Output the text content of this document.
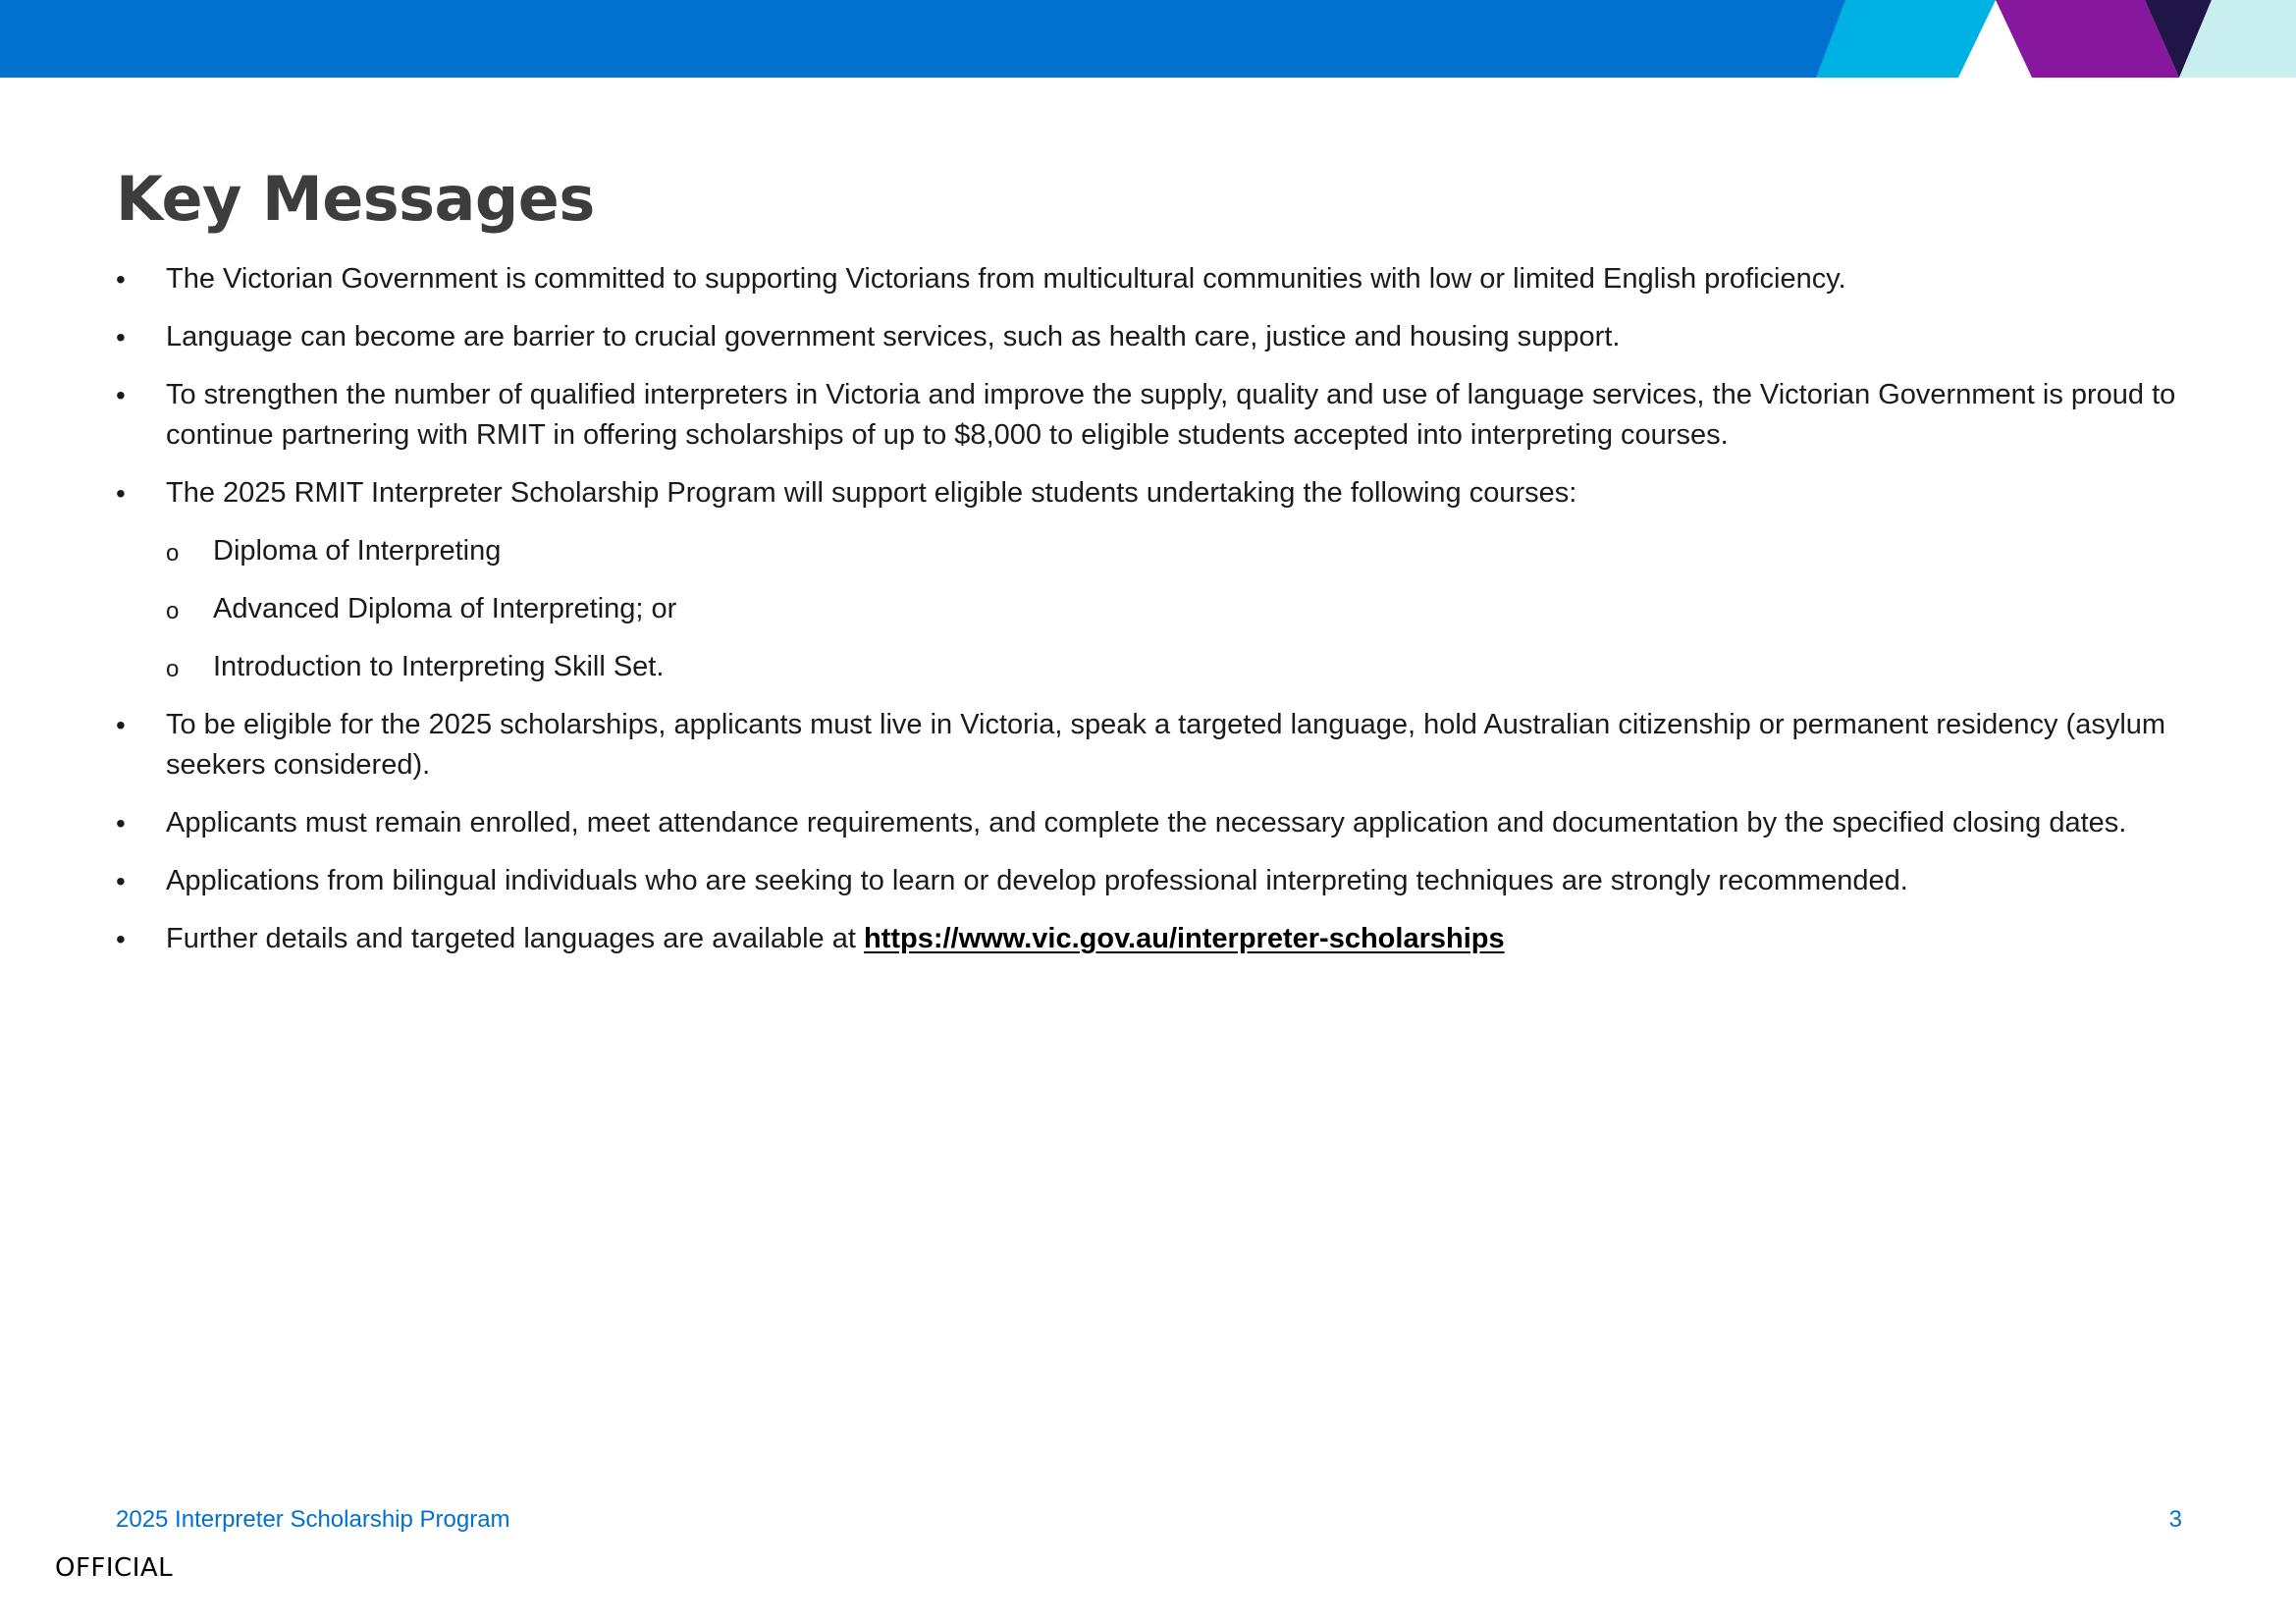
Key Messages
•	The Victorian Government is committed to supporting Victorians from multicultural communities with low or limited English proficiency.
•	Language can become are barrier to crucial government services, such as health care, justice and housing support.
•	To strengthen the number of qualified interpreters in Victoria and improve the supply, quality and use of language services, the Victorian Government is proud to continue partnering with RMIT in offering scholarships of up to $8,000 to eligible students accepted into interpreting courses.
•	The 2025 RMIT Interpreter Scholarship Program will support eligible students undertaking the following courses:
o Diploma of Interpreting
o Advanced Diploma of Interpreting; or
o Introduction to Interpreting Skill Set.
•	To be eligible for the 2025 scholarships, applicants must live in Victoria, speak a targeted language, hold Australian citizenship or permanent residency (asylum seekers considered).
•	Applicants must remain enrolled, meet attendance requirements, and complete the necessary application and documentation by the specified closing dates.
•	Applications from bilingual individuals who are seeking to learn or develop professional interpreting techniques are strongly recommended.
•	Further details and targeted languages are available at https://www.vic.gov.au/interpreter-scholarships
2025 Interpreter Scholarship Program	3
OFFICIAL
